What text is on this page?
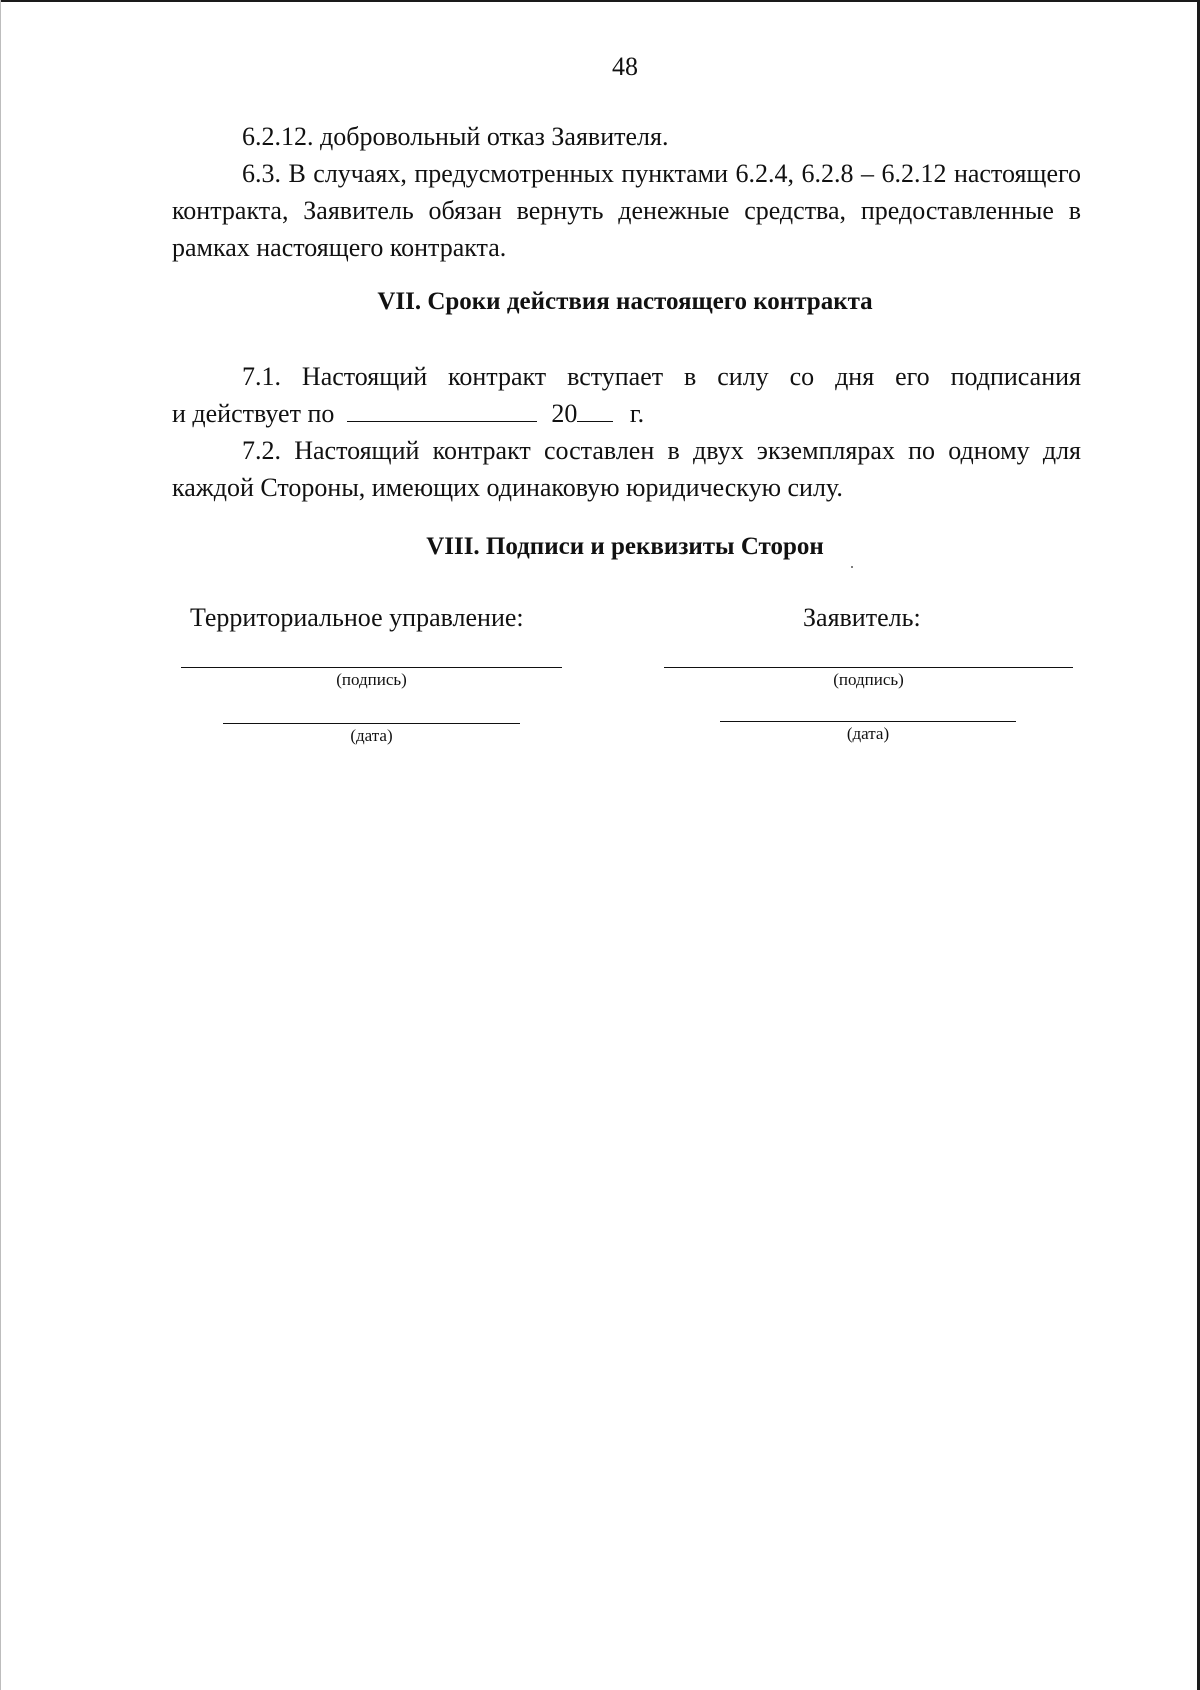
48
6.2.12. добровольный отказ Заявителя.

6.3. В случаях, предусмотренных пунктами 6.2.4, 6.2.8 – 6.2.12 настоящего контракта, Заявитель обязан вернуть денежные средства, предоставленные в рамках настоящего контракта.

VII. Сроки действия настоящего контракта
7.1. Настоящий контракт вступает в силу со дня его подписания
и действует по	20 г.

7.2. Настоящий контракт составлен в двух экземплярах по одному для каждой Стороны, имеющих одинаковую юридическую силу.

VIII. Подписи и реквизиты Сторон
Территориальное управление:	Заявитель:
(подпись)	(подпись)
(дата)	(дата)
